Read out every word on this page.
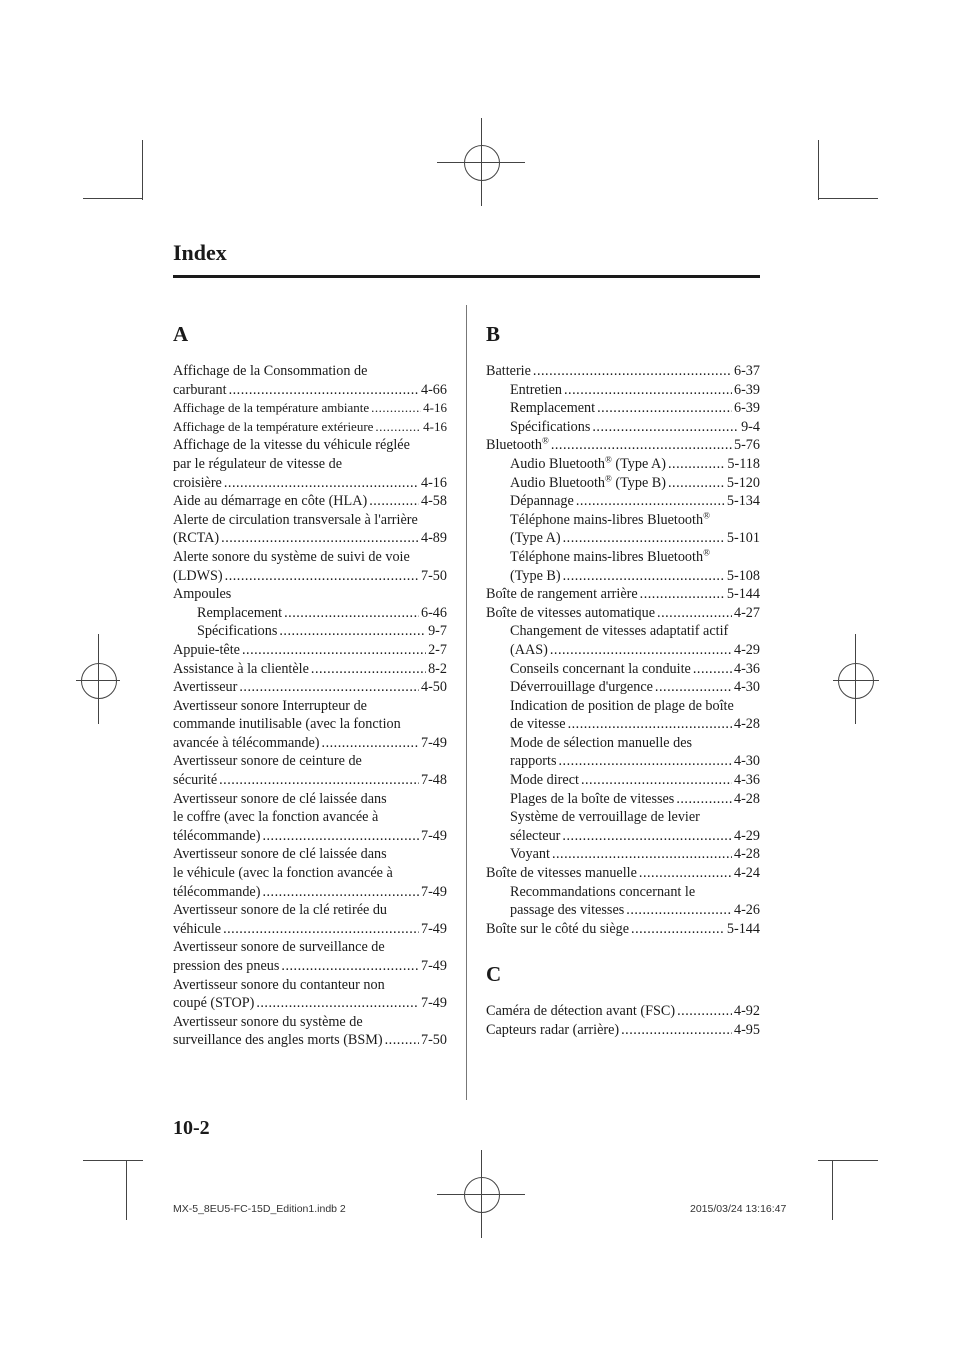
Index
A
Affichage de la Consommation de
carburant .....	4-66
Affichage de la température ambiante .....	4-16
Affichage de la température extérieure .....	4-16
Affichage de la vitesse du véhicule réglée
par le régulateur de vitesse de
croisière .....	4-16
Aide au démarrage en côte (HLA) .....	4-58
Alerte de circulation transversale à l'arrière
(RCTA) .....	4-89
Alerte sonore du système de suivi de voie
(LDWS) .....	7-50
Ampoules
Remplacement .....	6-46
Spécifications .....	9-7
Appuie-tête .....	2-7
Assistance à la clientèle .....	8-2
Avertisseur .....	4-50
Avertisseur sonore Interrupteur de
commande inutilisable (avec la fonction
avancée à télécommande) .....	7-49
Avertisseur sonore de ceinture de
sécurité .....	7-48
Avertisseur sonore de clé laissée dans
le coffre (avec la fonction avancée à
télécommande) .....	7-49
Avertisseur sonore de clé laissée dans
le véhicule (avec la fonction avancée à
télécommande) .....	7-49
Avertisseur sonore de la clé retirée du
véhicule .....	7-49
Avertisseur sonore de surveillance de
pression des pneus .....	7-49
Avertisseur sonore du contanteur non
coupé (STOP) .....	7-49
Avertisseur sonore du système de
surveillance des angles morts (BSM) .....	7-50
B
Batterie .....	6-37
Entretien .....	6-39
Remplacement .....	6-39
Spécifications .....	9-4
Bluetooth® .....	5-76
Audio Bluetooth® (Type A) .....	5-118
Audio Bluetooth® (Type B) .....	5-120
Dépannage .....	5-134
Téléphone mains-libres Bluetooth®
(Type A) .....	5-101
Téléphone mains-libres Bluetooth®
(Type B) .....	5-108
Boîte de rangement arrière .....	5-144
Boîte de vitesses automatique .....	4-27
Changement de vitesses adaptatif actif
(AAS) .....	4-29
Conseils concernant la conduite .....	4-36
Déverrouillage d'urgence .....	4-30
Indication de position de plage de boîte
de vitesse .....	4-28
Mode de sélection manuelle des
rapports .....	4-30
Mode direct .....	4-36
Plages de la boîte de vitesses .....	4-28
Système de verrouillage de levier
sélecteur .....	4-29
Voyant .....	4-28
Boîte de vitesses manuelle .....	4-24
Recommandations concernant le
passage des vitesses .....	4-26
Boîte sur le côté du siège .....	5-144
C
Caméra de détection avant (FSC) .....	4-92
Capteurs radar (arrière) .....	4-95

10-2

MX-5_8EU5-FC-15D_Edition1.indb 2	2015/03/24 13:16:47
